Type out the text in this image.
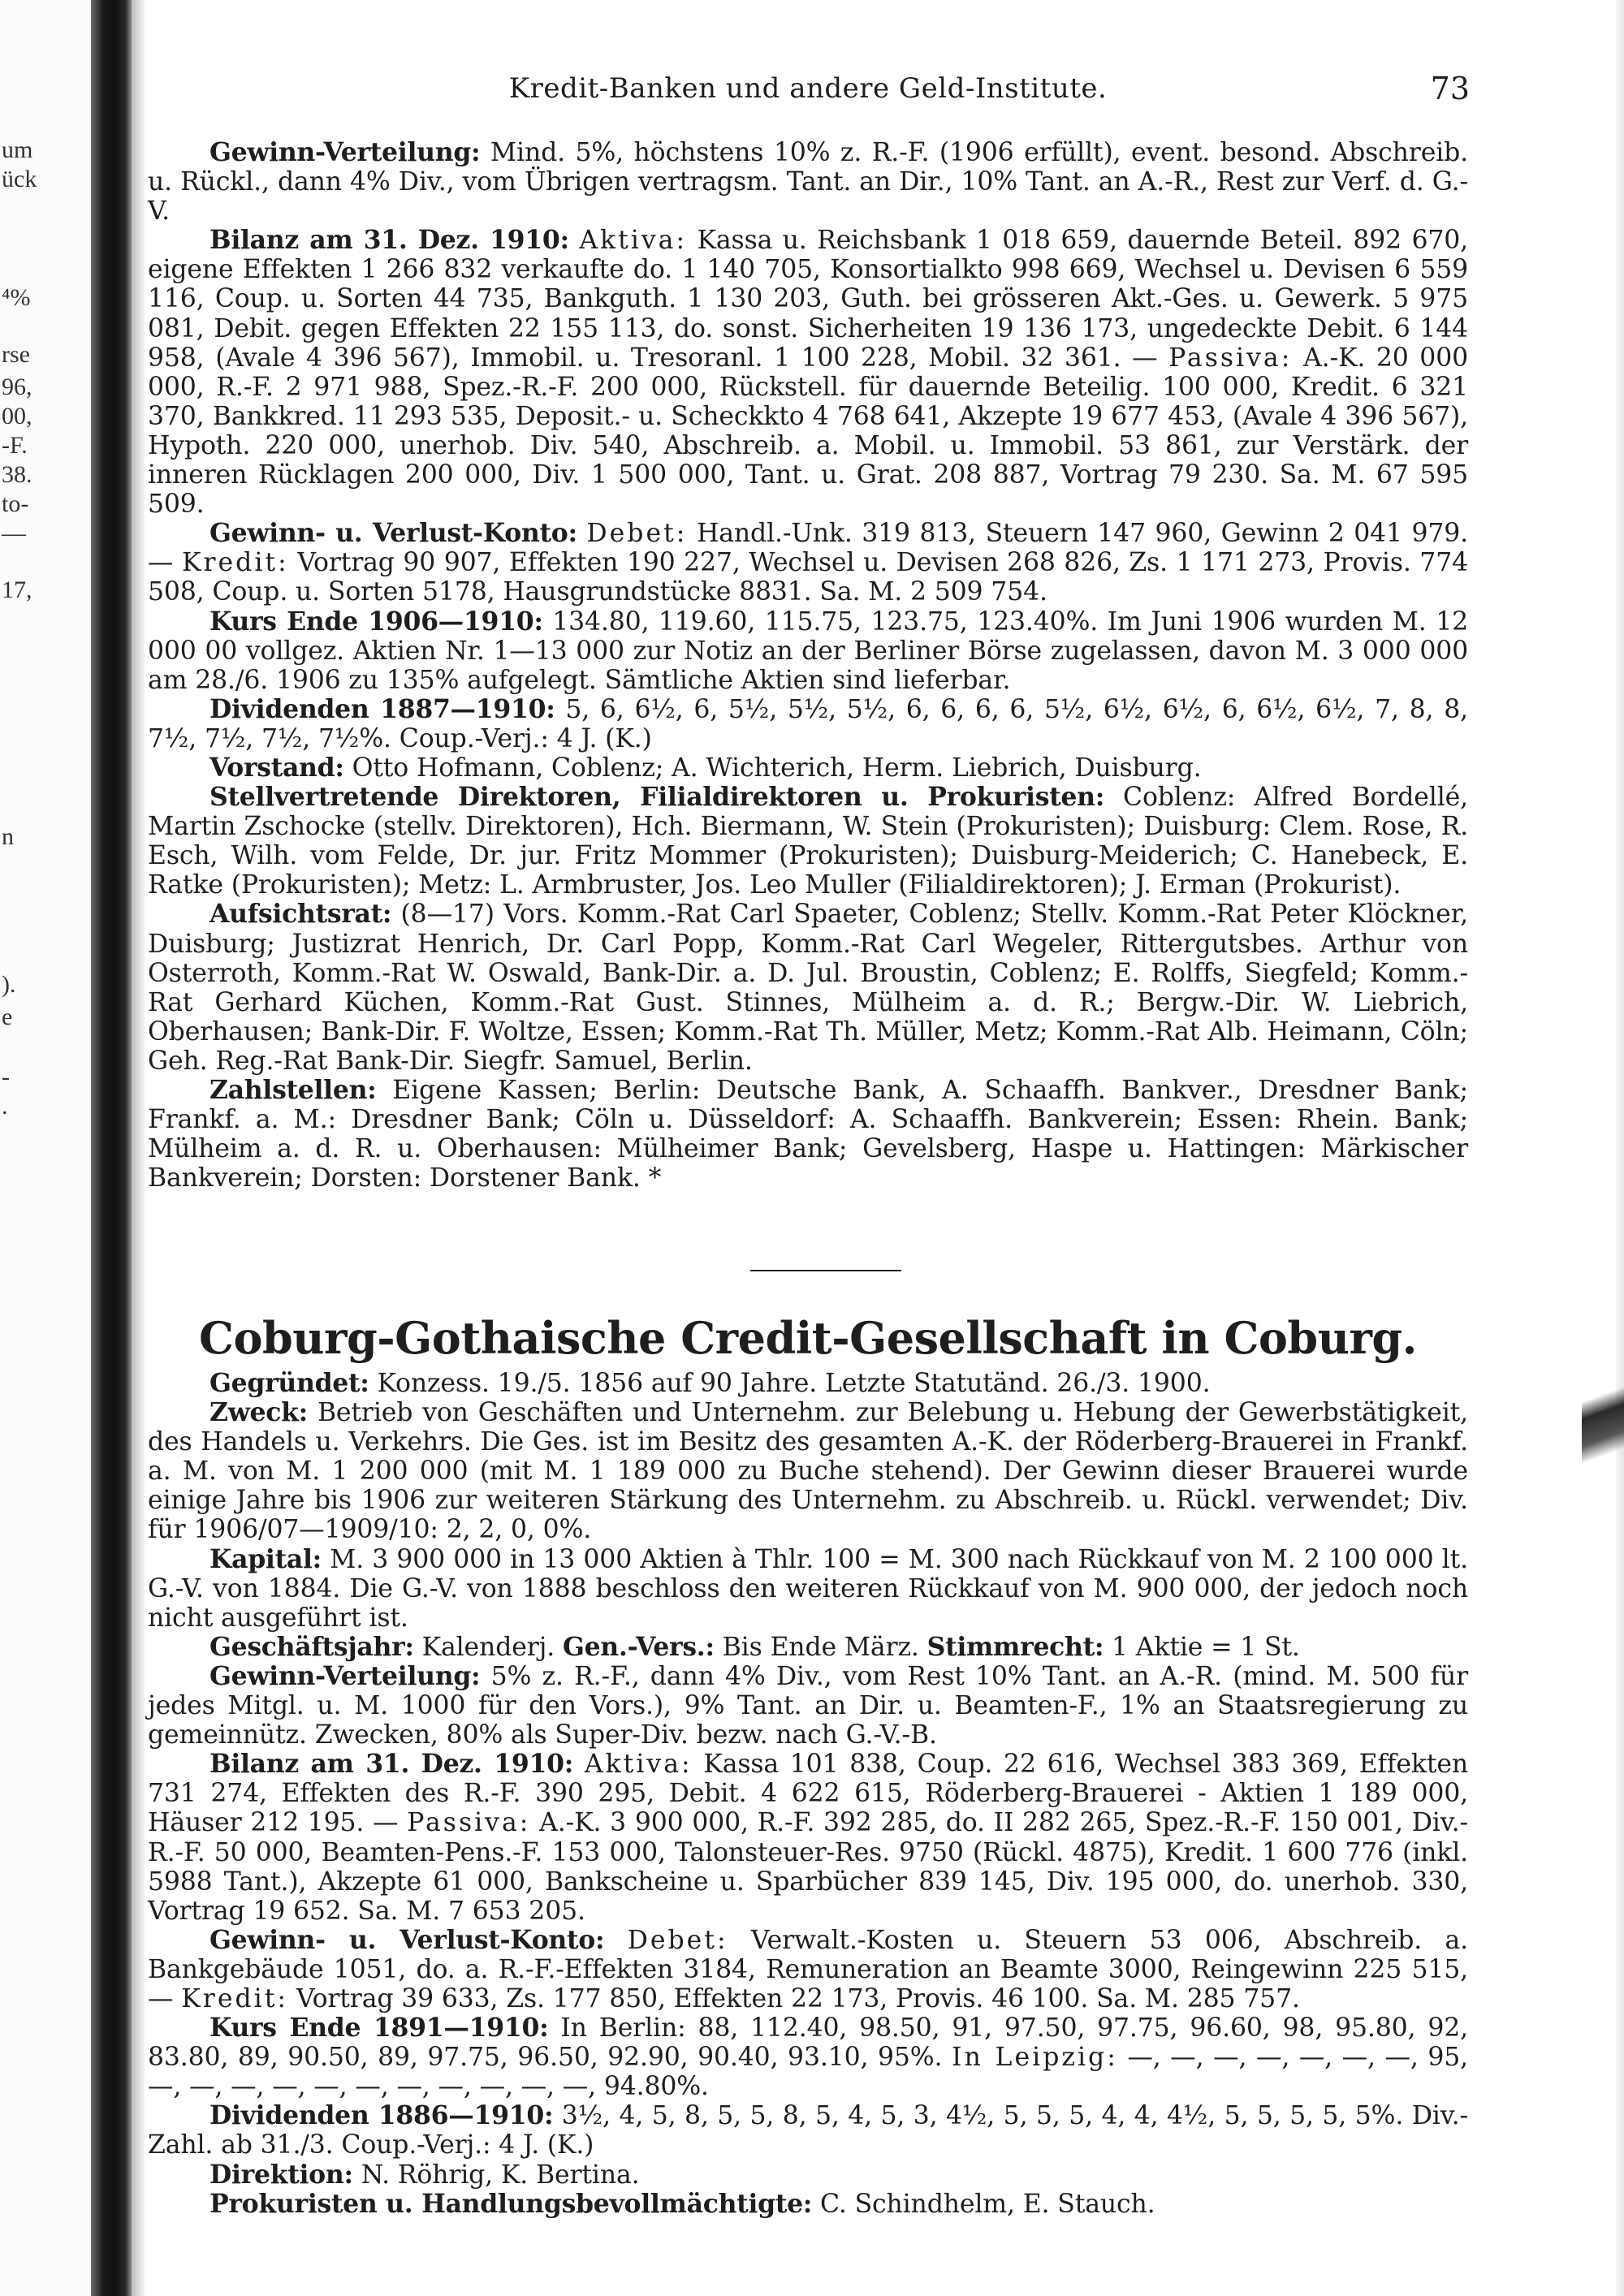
um
ück
⁴%
rse
96,
00,
-F.
38.
to-
—
17,
n
).
e
-
.
Kredit-Banken und andere Geld-Institute.	73

Gewinn-Verteilung: Mind. 5%, höchstens 10% z. R.-F. (1906 erfüllt), event. besond. Abschreib. u. Rückl., dann 4% Div., vom Übrigen vertragsm. Tant. an Dir., 10% Tant. an A.-R., Rest zur Verf. d. G.-V.

Bilanz am 31. Dez. 1910: Aktiva: Kassa u. Reichsbank 1 018 659, dauernde Beteil. 892 670, eigene Effekten 1 266 832 verkaufte do. 1 140 705, Konsortialkto 998 669, Wechsel u. Devisen 6 559 116, Coup. u. Sorten 44 735, Bankguth. 1 130 203, Guth. bei grösseren Akt.-Ges. u. Gewerk. 5 975 081, Debit. gegen Effekten 22 155 113, do. sonst. Sicherheiten 19 136 173, ungedeckte Debit. 6 144 958, (Avale 4 396 567), Immobil. u. Tresoranl. 1 100 228, Mobil. 32 361. — Passiva: A.-K. 20 000 000, R.-F. 2 971 988, Spez.-R.-F. 200 000, Rückstell. für dauernde Beteilig. 100 000, Kredit. 6 321 370, Bankkred. 11 293 535, Deposit.- u. Scheckkto 4 768 641, Akzepte 19 677 453, (Avale 4 396 567), Hypoth. 220 000, unerhob. Div. 540, Abschreib. a. Mobil. u. Immobil. 53 861, zur Verstärk. der inneren Rücklagen 200 000, Div. 1 500 000, Tant. u. Grat. 208 887, Vortrag 79 230. Sa. M. 67 595 509.

Gewinn- u. Verlust-Konto: Debet: Handl.-Unk. 319 813, Steuern 147 960, Gewinn 2 041 979. — Kredit: Vortrag 90 907, Effekten 190 227, Wechsel u. Devisen 268 826, Zs. 1 171 273, Provis. 774 508, Coup. u. Sorten 5178, Hausgrundstücke 8831. Sa. M. 2 509 754.

Kurs Ende 1906—1910: 134.80, 119.60, 115.75, 123.75, 123.40%. Im Juni 1906 wurden M. 12 000 00 vollgez. Aktien Nr. 1—13 000 zur Notiz an der Berliner Börse zugelassen, davon M. 3 000 000 am 28./6. 1906 zu 135% aufgelegt. Sämtliche Aktien sind lieferbar.

Dividenden 1887—1910: 5, 6, 6½, 6, 5½, 5½, 5½, 6, 6, 6, 6, 5½, 6½, 6½, 6, 6½, 6½, 7, 8, 8, 7½, 7½, 7½, 7½%. Coup.-Verj.: 4 J. (K.)

Vorstand: Otto Hofmann, Coblenz; A. Wichterich, Herm. Liebrich, Duisburg.

Stellvertretende Direktoren, Filialdirektoren u. Prokuristen: Coblenz: Alfred Bordellé, Martin Zschocke (stellv. Direktoren), Hch. Biermann, W. Stein (Prokuristen); Duisburg: Clem. Rose, R. Esch, Wilh. vom Felde, Dr. jur. Fritz Mommer (Prokuristen); Duisburg-Meiderich; C. Hanebeck, E. Ratke (Prokuristen); Metz: L. Armbruster, Jos. Leo Muller (Filialdirektoren); J. Erman (Prokurist).

Aufsichtsrat: (8—17) Vors. Komm.-Rat Carl Spaeter, Coblenz; Stellv. Komm.-Rat Peter Klöckner, Duisburg; Justizrat Henrich, Dr. Carl Popp, Komm.-Rat Carl Wegeler, Rittergutsbes. Arthur von Osterroth, Komm.-Rat W. Oswald, Bank-Dir. a. D. Jul. Broustin, Coblenz; E. Rolffs, Siegfeld; Komm.-Rat Gerhard Küchen, Komm.-Rat Gust. Stinnes, Mülheim a. d. R.; Bergw.-Dir. W. Liebrich, Oberhausen; Bank-Dir. F. Woltze, Essen; Komm.-Rat Th. Müller, Metz; Komm.-Rat Alb. Heimann, Cöln; Geh. Reg.-Rat Bank-Dir. Siegfr. Samuel, Berlin.

Zahlstellen: Eigene Kassen; Berlin: Deutsche Bank, A. Schaaffh. Bankver., Dresdner Bank; Frankf. a. M.: Dresdner Bank; Cöln u. Düsseldorf: A. Schaaffh. Bankverein; Essen: Rhein. Bank; Mülheim a. d. R. u. Oberhausen: Mülheimer Bank; Gevelsberg, Haspe u. Hattingen: Märkischer Bankverein; Dorsten: Dorstener Bank. *

Coburg-Gothaische Credit-Gesellschaft in Coburg.

Gegründet: Konzess. 19./5. 1856 auf 90 Jahre. Letzte Statutänd. 26./3. 1900.

Zweck: Betrieb von Geschäften und Unternehm. zur Belebung u. Hebung der Gewerbstätigkeit, des Handels u. Verkehrs. Die Ges. ist im Besitz des gesamten A.-K. der Röderberg-Brauerei in Frankf. a. M. von M. 1 200 000 (mit M. 1 189 000 zu Buche stehend). Der Gewinn dieser Brauerei wurde einige Jahre bis 1906 zur weiteren Stärkung des Unternehm. zu Abschreib. u. Rückl. verwendet; Div. für 1906/07—1909/10: 2, 2, 0, 0%.

Kapital: M. 3 900 000 in 13 000 Aktien à Thlr. 100 = M. 300 nach Rückkauf von M. 2 100 000 lt. G.-V. von 1884. Die G.-V. von 1888 beschloss den weiteren Rückkauf von M. 900 000, der jedoch noch nicht ausgeführt ist.

Geschäftsjahr: Kalenderj. Gen.-Vers.: Bis Ende März. Stimmrecht: 1 Aktie = 1 St.

Gewinn-Verteilung: 5% z. R.-F., dann 4% Div., vom Rest 10% Tant. an A.-R. (mind. M. 500 für jedes Mitgl. u. M. 1000 für den Vors.), 9% Tant. an Dir. u. Beamten-F., 1% an Staatsregierung zu gemeinnütz. Zwecken, 80% als Super-Div. bezw. nach G.-V.-B.

Bilanz am 31. Dez. 1910: Aktiva: Kassa 101 838, Coup. 22 616, Wechsel 383 369, Effekten 731 274, Effekten des R.-F. 390 295, Debit. 4 622 615, Röderberg-Brauerei - Aktien 1 189 000, Häuser 212 195. — Passiva: A.-K. 3 900 000, R.-F. 392 285, do. II 282 265, Spez.-R.-F. 150 001, Div.-R.-F. 50 000, Beamten-Pens.-F. 153 000, Talonsteuer-Res. 9750 (Rückl. 4875), Kredit. 1 600 776 (inkl. 5988 Tant.), Akzepte 61 000, Bankscheine u. Sparbücher 839 145, Div. 195 000, do. unerhob. 330, Vortrag 19 652. Sa. M. 7 653 205.

Gewinn- u. Verlust-Konto: Debet: Verwalt.-Kosten u. Steuern 53 006, Abschreib. a. Bankgebäude 1051, do. a. R.-F.-Effekten 3184, Remuneration an Beamte 3000, Reingewinn 225 515, — Kredit: Vortrag 39 633, Zs. 177 850, Effekten 22 173, Provis. 46 100. Sa. M. 285 757.

Kurs Ende 1891—1910: In Berlin: 88, 112.40, 98.50, 91, 97.50, 97.75, 96.60, 98, 95.80, 92, 83.80, 89, 90.50, 89, 97.75, 96.50, 92.90, 90.40, 93.10, 95%. In Leipzig: —, —, —, —, —, —, —, 95, —, —, —, —, —, —, —, —, —, —, —, 94.80%.

Dividenden 1886—1910: 3½, 4, 5, 8, 5, 5, 8, 5, 4, 5, 3, 4½, 5, 5, 5, 4, 4, 4½, 5, 5, 5, 5, 5%. Div.-Zahl. ab 31./3. Coup.-Verj.: 4 J. (K.)

Direktion: N. Röhrig, K. Bertina.

Prokuristen u. Handlungsbevollmächtigte: C. Schindhelm, E. Stauch.
